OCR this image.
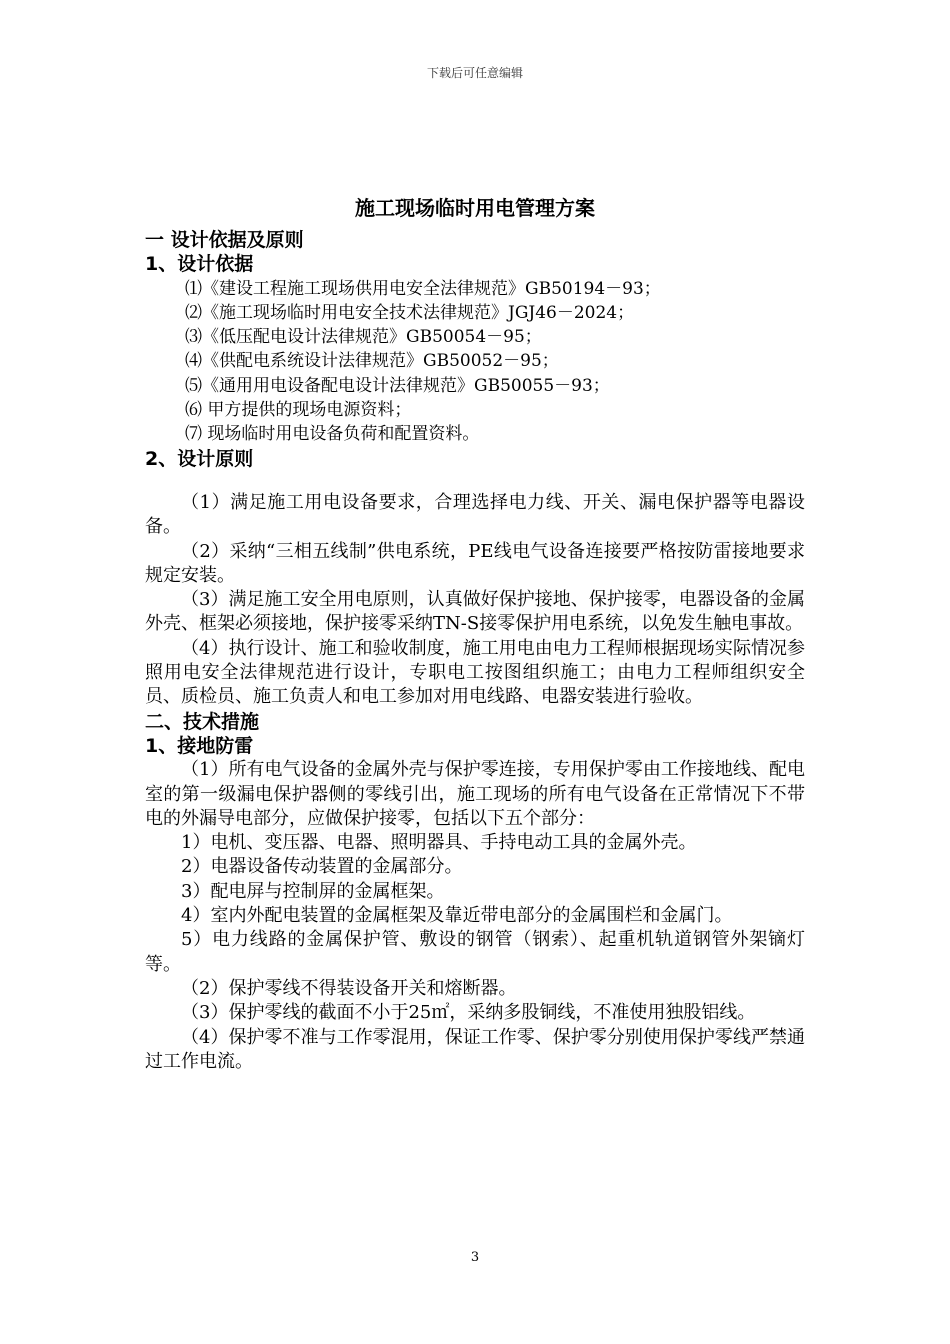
下载后可任意编辑
施工现场临时用电管理方案
一 设计依据及原则
1、设计依据
⑴《建设工程施工现场供用电安全法律规范》GB50194－93；
⑵《施工现场临时用电安全技术法律规范》JGJ46－2024；
⑶《低压配电设计法律规范》GB50054－95；
⑷《供配电系统设计法律规范》GB50052－95；
⑸《通用用电设备配电设计法律规范》GB50055－93；
⑹ 甲方提供的现场电源资料；
⑺ 现场临时用电设备负荷和配置资料。
2、设计原则
（1）满足施工用电设备要求，合理选择电力线、开关、漏电保护器等电器设备。
（2）采纳“三相五线制”供电系统，PE线电气设备连接要严格按防雷接地要求规定安装。
（3）满足施工安全用电原则，认真做好保护接地、保护接零，电器设备的金属外壳、框架必须接地，保护接零采纳TN-S接零保护用电系统，以免发生触电事故。
（4）执行设计、施工和验收制度，施工用电由电力工程师根据现场实际情况参照用电安全法律规范进行设计，专职电工按图组织施工；由电力工程师组织安全员、质检员、施工负责人和电工参加对用电线路、电器安装进行验收。
二、技术措施
1、接地防雷
（1）所有电气设备的金属外壳与保护零连接，专用保护零由工作接地线、配电室的第一级漏电保护器侧的零线引出，施工现场的所有电气设备在正常情况下不带电的外漏导电部分，应做保护接零，包括以下五个部分：
1）电机、变压器、电器、照明器具、手持电动工具的金属外壳。
2）电器设备传动装置的金属部分。
3）配电屏与控制屏的金属框架。
4）室内外配电装置的金属框架及靠近带电部分的金属围栏和金属门。
5）电力线路的金属保护管、敷设的钢管（钢索）、起重机轨道钢管外架镝灯等。
（2）保护零线不得装设备开关和熔断器。
（3）保护零线的截面不小于25㎡，采纳多股铜线，不准使用独股铝线。
（4）保护零不准与工作零混用，保证工作零、保护零分别使用保护零线严禁通过工作电流。
3
